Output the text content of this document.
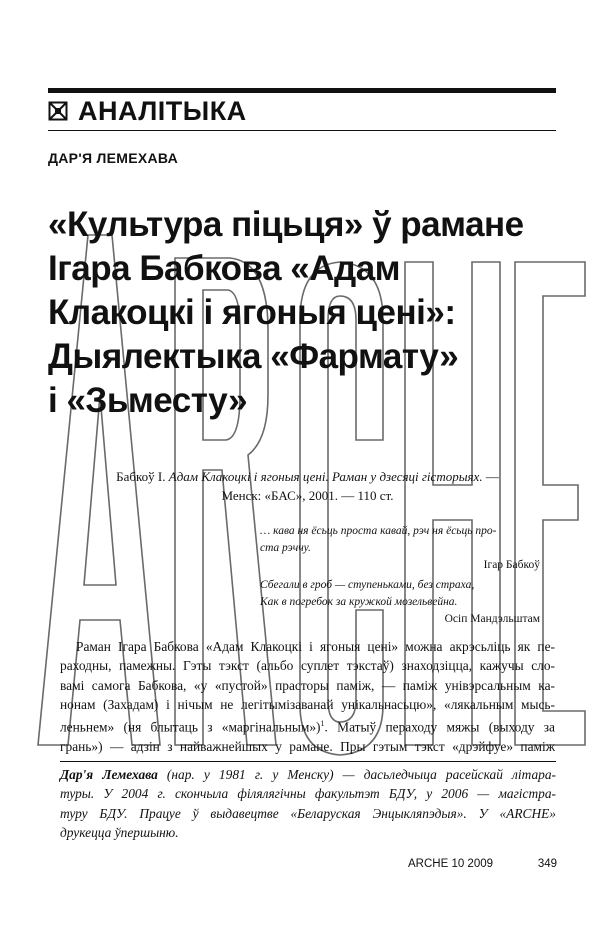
АНАЛІТЫКА
ДАР'Я ЛЕМЕХАВА
«Культура піцьця» ў рамане
Ігара Бабкова «Адам
Клакоцкі і ягоныя цені»:
Дыялектыка «Фармату»
і «Зьместу»
Бабкоў І. Адам Клакоцкі і ягоныя цені. Раман у дзесяці гісторыях. —
Менск: «БАС», 2001. — 110 ст.
… кава ня ёсьць проста кавай, рэч ня ёсьць про-
стa рэччу.
Ігар Бабкоў
Сбегали в гроб — ступеньками, без страха,
Как в погребок за кружкой мозельвейна.
Осіп Мандэльштам
Раман Ігара Бабкова «Адам Клакоцкі і ягоныя цені» можна акрэсьліць як пе-
раходны, памежны. Гэты тэкст (альбо суплет тэкстаў) знаходзіцца, кажучы сло-
вамі самога Бабкова, «у «пустой» прасторы паміж, — паміж унівэрсальным ка-
нонам (Захадам) і нічым не легітымізаванай унікальнасьцю», «лякальным мысь-
леньнем» (ня блытаць з «маргінальным»)$^1$. Матыў пераходу мяжы (выходу за
грань») — адзін з найважнейшых у рамане. Пры гэтым тэкст «дрэйфуе» паміж
Дар'я Лемехава (нар. у 1981 г. у Менску) — дасьледчыца расейскай літара-
туры. У 2004 г. скончыла філялягічны факультэт БДУ, у 2006 — магістра-
туру БДУ. Працуе ў выдавецтве «Беларуская Энцыкляпэдыя». У «ARCHE»
друкецца ўпершыню.
ARCHE 10 2009	349
